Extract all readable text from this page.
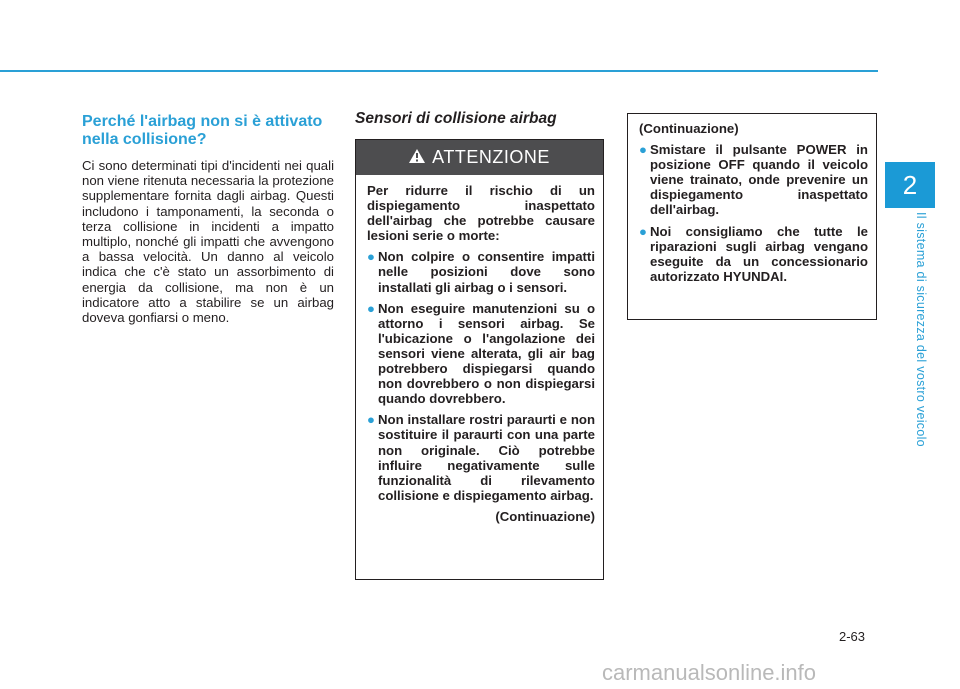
2
Il sistema di sicurezza del vostro veicolo
Perché l'airbag non si è attivato nella collisione?

Ci sono determinati tipi d'incidenti nei quali non viene ritenuta necessaria la protezione supplementare fornita dagli airbag. Questi includono i tamponamenti, la seconda o terza collisione in incidenti a impatto multiplo, nonché gli impatti che avvengono a bassa velocità. Un danno al veicolo indica che c'è stato un assorbimento di energia da collisione, ma non è un indicatore atto a stabilire se un airbag doveva gonfiarsi o meno.

Sensori di collisione airbag
ATTENZIONE

Per ridurre il rischio di un dispiegamento inaspettato dell'airbag che potrebbe causare lesioni serie o morte:

● Non colpire o consentire impatti nelle posizioni dove sono installati gli airbag o i sensori.
● Non eseguire manutenzioni su o attorno i sensori airbag. Se l'ubicazione o l'angolazione dei sensori viene alterata, gli air bag potrebbero dispiegarsi quando non dovrebbero o non dispiegarsi quando dovrebbero.
● Non installare rostri paraurti e non sostituire il paraurti con una parte non originale. Ciò potrebbe influire negativamente sulle funzionalità di rilevamento collisione e dispiegamento airbag.
(Continuazione)

(Continuazione)

● Smistare il pulsante POWER in posizione OFF quando il veicolo viene trainato, onde prevenire un dispiegamento inaspettato dell'airbag.
● Noi consigliamo che tutte le riparazioni sugli airbag vengano eseguite da un concessionario autorizzato HYUNDAI.
2-63
carmanualsonline.info
